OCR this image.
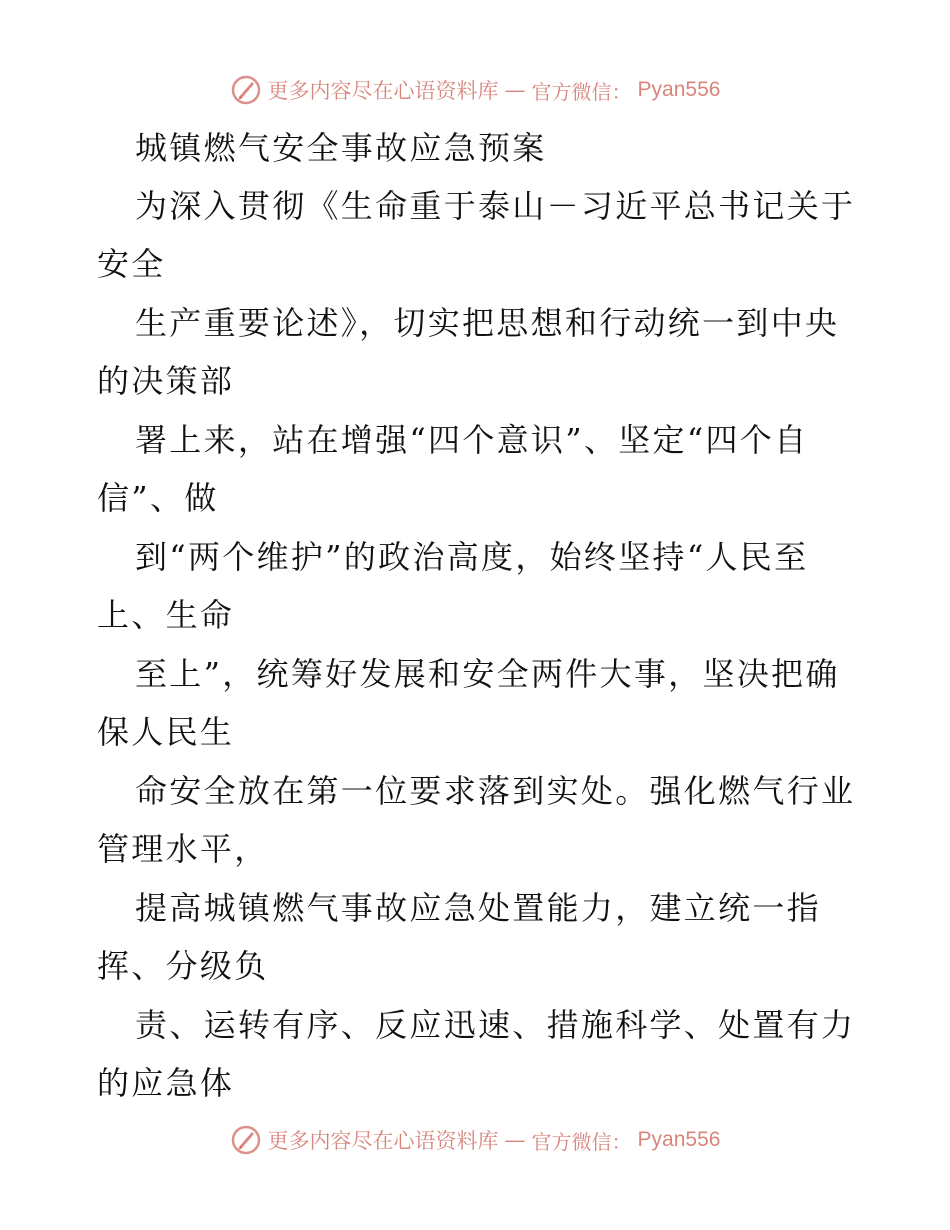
更多内容尽在心语资料库 — 官方微信： Pyan556
城镇燃气安全事故应急预案
为深入贯彻《生命重于泰山－习近平总书记关于
安全
生产重要论述》，切实把思想和行动统一到中央
的决策部
署上来，站在增强“四个意识”、坚定“四个自
信”、做
到“两个维护”的政治高度，始终坚持“人民至
上、生命
至上”，统筹好发展和安全两件大事，坚决把确
保人民生
命安全放在第一位要求落到实处。强化燃气行业
管理水平，
提高城镇燃气事故应急处置能力，建立统一指
挥、分级负
责、运转有序、反应迅速、措施科学、处置有力
的应急体
更多内容尽在心语资料库 — 官方微信： Pyan556
